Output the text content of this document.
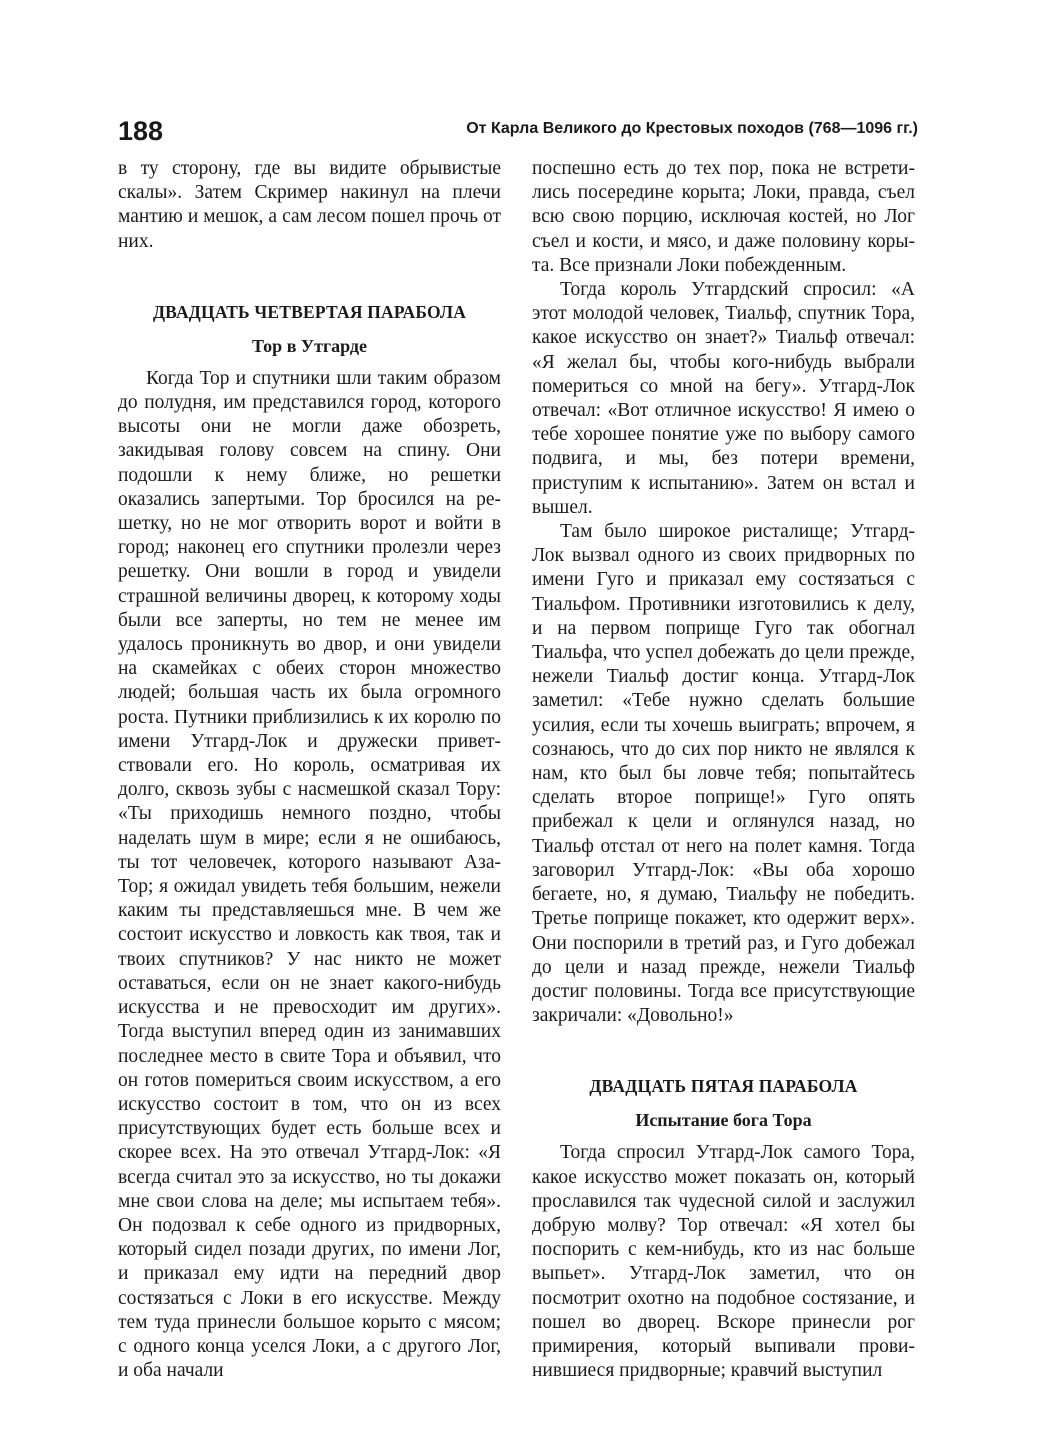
188	От Карла Великого до Крестовых походов (768—1096 гг.)

в ту сторону, где вы видите обрывистые скалы». Затем Скример накинул на плечи мантию и мешок, а сам лесом пошел прочь от них.

ДВАДЦАТЬ ЧЕТВЕРТАЯ ПАРАБОЛА
Тор в Утгарде

Когда Тор и спутники шли таким образом до полудня, им представился город, которого высоты они не могли даже обозреть, закидывая голову совсем на спину. Они подошли к нему ближе, но решетки оказались запертыми. Тор бросился на решетку, но не мог отворить ворот и войти в город; наконец его спутники пролезли через решетку. Они вошли в город и увидели страшной величины дворец, к которому ходы были все заперты, но тем не менее им удалось проникнуть во двор, и они увидели на скамейках с обеих сторон множество людей; большая часть их была огромного роста. Путники приблизились к их королю по имени Утгард-Лок и дружески приветствовали его. Но король, осматривая их долго, сквозь зубы с насмешкой сказал Тору: «Ты приходишь немного поздно, чтобы наделать шум в мире; если я не ошибаюсь, ты тот человечек, которого называют Аза-Тор; я ожидал увидеть тебя большим, нежели каким ты представляешься мне. В чем же состоит искусство и ловкость как твоя, так и твоих спутников? У нас никто не может оставаться, если он не знает какого-нибудь искусства и не превосходит им других». Тогда выступил вперед один из занимавших последнее место в свите Тора и объявил, что он готов помериться своим искусством, а его искусство состоит в том, что он из всех присутствующих будет есть больше всех и скорее всех. На это отвечал Утгард-Лок: «Я всегда считал это за искусство, но ты докажи мне свои слова на деле; мы испытаем тебя». Он подозвал к себе одного из придворных, который сидел позади других, по имени Лог, и приказал ему идти на передний двор состязаться с Локи в его искусстве. Между тем туда принесли большое корыто с мясом; с одного конца уселся Локи, а с другого Лог, и оба начали

поспешно есть до тех пор, пока не встретились посередине корыта; Локи, правда, съел всю свою порцию, исключая костей, но Лог съел и кости, и мясо, и даже половину корыта. Все признали Локи побежденным.

Тогда король Утгардский спросил: «А этот молодой человек, Тиальф, спутник Тора, какое искусство он знает?» Тиальф отвечал: «Я желал бы, чтобы кого-нибудь выбрали помериться со мной на бегу». Утгард-Лок отвечал: «Вот отличное искусство! Я имею о тебе хорошее понятие уже по выбору самого подвига, и мы, без потери времени, приступим к испытанию». Затем он встал и вышел.

Там было широкое ристалище; Утгард-Лок вызвал одного из своих придворных по имени Гуго и приказал ему состязаться с Тиальфом. Противники изготовились к делу, и на первом поприще Гуго так обогнал Тиальфа, что успел добежать до цели прежде, нежели Тиальф достиг конца. Утгард-Лок заметил: «Тебе нужно сделать большие усилия, если ты хочешь выиграть; впрочем, я сознаюсь, что до сих пор никто не являлся к нам, кто был бы ловче тебя; попытайтесь сделать второе поприще!» Гуго опять прибежал к цели и оглянулся назад, но Тиальф отстал от него на полет камня. Тогда заговорил Утгард-Лок: «Вы оба хорошо бегаете, но, я думаю, Тиальфу не победить. Третье поприще покажет, кто одержит верх». Они поспорили в третий раз, и Гуго добежал до цели и назад прежде, нежели Тиальф достиг половины. Тогда все присутствующие закричали: «Довольно!»

ДВАДЦАТЬ ПЯТАЯ ПАРАБОЛА
Испытание бога Тора

Тогда спросил Утгард-Лок самого Тора, какое искусство может показать он, который прославился так чудесной силой и заслужил добрую молву? Тор отвечал: «Я хотел бы поспорить с кем-нибудь, кто из нас больше выпьет». Утгард-Лок заметил, что он посмотрит охотно на подобное состязание, и пошел во дворец. Вскоре принесли рог примирения, который выпивали провинившиеся придворные; кравчий выступил
